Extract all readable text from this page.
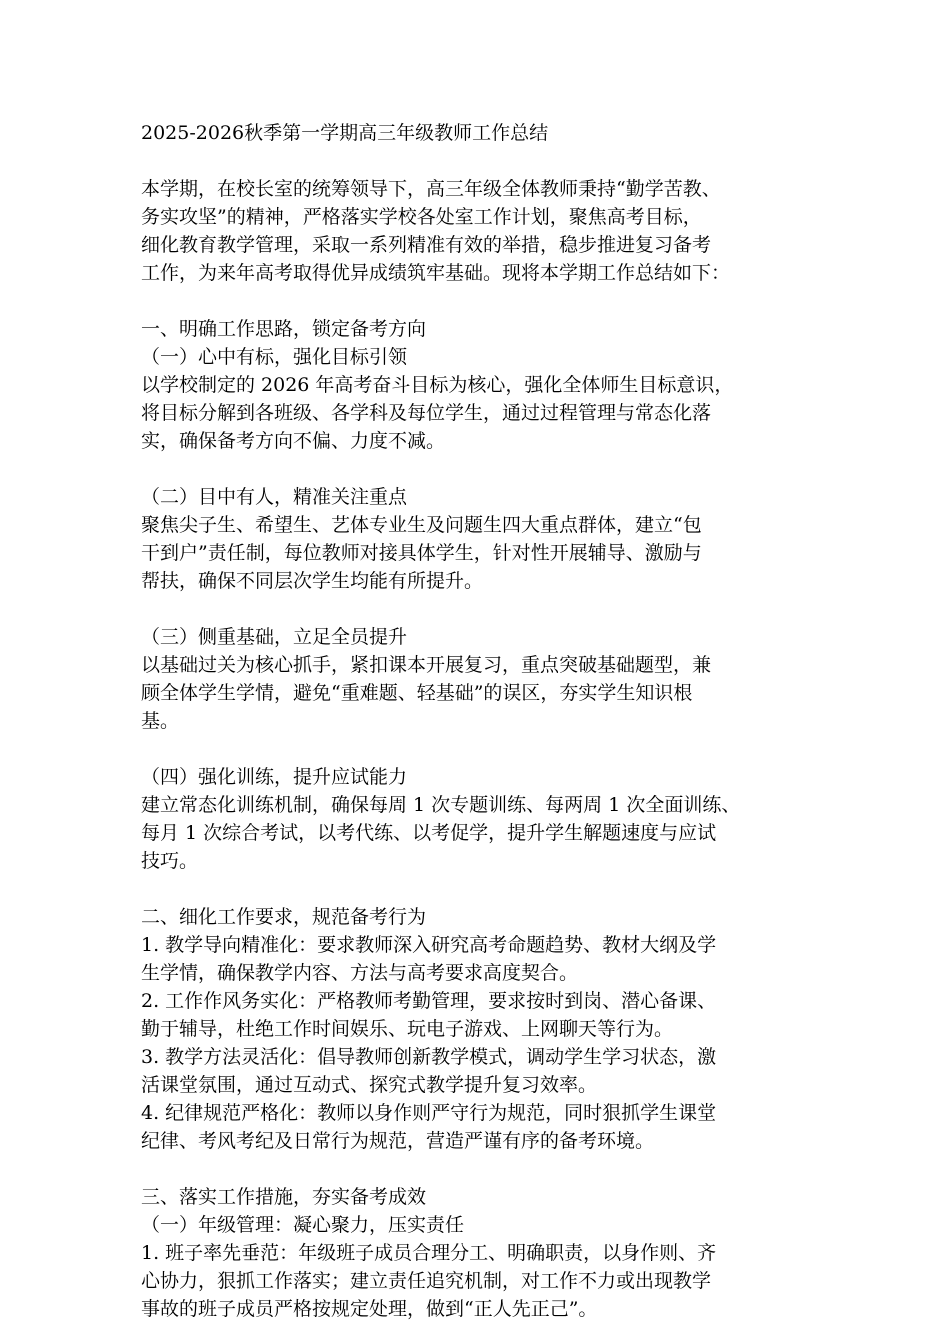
2025-2026秋季第一学期高三年级教师工作总结
本学期，在校长室的统筹领导下，高三年级全体教师秉持“勤学苦教、
务实攻坚”的精神，严格落实学校各处室工作计划，聚焦高考目标，
细化教育教学管理，采取一系列精准有效的举措，稳步推进复习备考
工作，为来年高考取得优异成绩筑牢基础。现将本学期工作总结如下：
一、明确工作思路，锁定备考方向
（一）心中有标，强化目标引领
以学校制定的 2026 年高考奋斗目标为核心，强化全体师生目标意识，
将目标分解到各班级、各学科及每位学生，通过过程管理与常态化落
实，确保备考方向不偏、力度不减。
（二）目中有人，精准关注重点
聚焦尖子生、希望生、艺体专业生及问题生四大重点群体，建立“包
干到户”责任制，每位教师对接具体学生，针对性开展辅导、激励与
帮扶，确保不同层次学生均能有所提升。
（三）侧重基础，立足全员提升
以基础过关为核心抓手，紧扣课本开展复习，重点突破基础题型，兼
顾全体学生学情，避免“重难题、轻基础”的误区，夯实学生知识根
基。
（四）强化训练，提升应试能力
建立常态化训练机制，确保每周 1 次专题训练、每两周 1 次全面训练、
每月 1 次综合考试，以考代练、以考促学，提升学生解题速度与应试
技巧。
二、细化工作要求，规范备考行为
1. 教学导向精准化：要求教师深入研究高考命题趋势、教材大纲及学
生学情，确保教学内容、方法与高考要求高度契合。
2. 工作作风务实化：严格教师考勤管理，要求按时到岗、潜心备课、
勤于辅导，杜绝工作时间娱乐、玩电子游戏、上网聊天等行为。
3. 教学方法灵活化：倡导教师创新教学模式，调动学生学习状态，激
活课堂氛围，通过互动式、探究式教学提升复习效率。
4. 纪律规范严格化：教师以身作则严守行为规范，同时狠抓学生课堂
纪律、考风考纪及日常行为规范，营造严谨有序的备考环境。
三、落实工作措施，夯实备考成效
（一）年级管理：凝心聚力，压实责任
1. 班子率先垂范：年级班子成员合理分工、明确职责，以身作则、齐
心协力，狠抓工作落实；建立责任追究机制，对工作不力或出现教学
事故的班子成员严格按规定处理，做到“正人先正己”。
